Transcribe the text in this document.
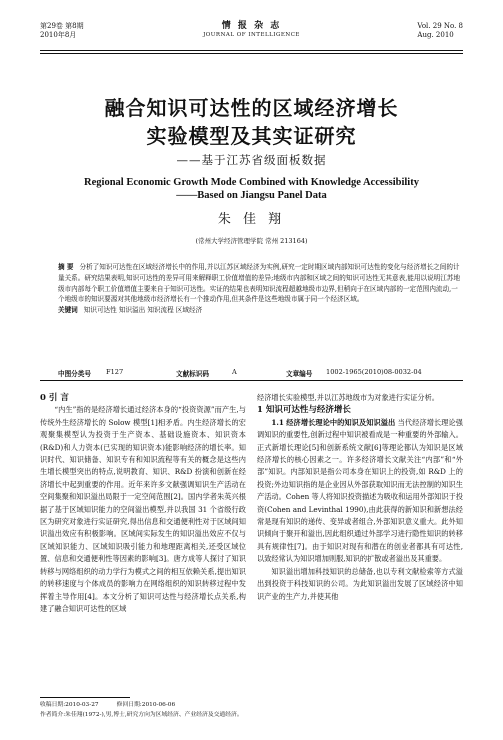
第29卷 第8期
2010年8月
情 报 杂 志
JOURNAL OF INTELLIGENCE
Vol. 29 No. 8
Aug. 2010
融合知识可达性的区域经济增长
实验模型及其实证研究
——基于江苏省级面板数据
Regional Economic Growth Mode Combined with Knowledge Accessibility
——Based on Jiangsu Panel Data
朱 佳 翔
(常州大学经济管理学院 常州 213164)
摘 要 分析了知识可达性在区域经济增长中的作用,并以江苏区域经济为实例,研究一定时期区域内部知识可达性的变化与经济增长之间的计量关系。研究结果表明,知识可达性的差异可用来解释职工价值增值的差异;地级市内部和区域之间的知识可达性无其意表,能用以说明江苏地级市内部每个职工价值增值主要来自于知识可达性。实证的结果也表明知识流程超越地级市边界,但稍向于在区域内部的一定范围内流动,一个地级市的知识要源对其他地级市经济增长有一个推动作用,但其条件是这些地级市属于同一个经济区域。
关键词 知识可达性 知识溢出 知识流程 区域经济
中图分类号 F127	文献标识码	A	文章编号 1002-1965(2010)08-0032-04

0 引 言

“内生”指的是经济增长通过经济本身的“投资资源”而产生,与传统外生经济增长的 Solow 模型[1]相矛盾。内生经济增长的宏观聚集模型认为投资于生产资本、基础设施资本、知识资本(R&D)和人力资本(已实现的知识资本)能影响经济的增长率。知识时代、知识储备、知识专有和知识流程等有关的概念是这些内生增长模型突出的特点,说明教育、知识、R&D 扮演和创新在经济增长中起到重要的作用。近年来许多文献强调知识生产活动在空间集聚和知识溢出局限于一定空间范围[2]。国内学者朱英兴根据了基于区域知识能力的空间溢出模型,并以我国 31 个省级行政区为研究对象进行实证研究,得出信息和交通便利性对于区域间知识溢出效应有积极影响。区域间实际发生的知识溢出效应不仅与区域知识能力、区域知识吸引能力和地理距离相关,还受区域位置、信息和交通便利性等因素的影响[3]。唐方成等人探讨了知识转移与网络组织的动力学行为模式之间的相互依赖关系,提出知识的转移速度与个体成员的影响力在网络组织的知识转移过程中发挥着主导作用[4]。本文分析了知识可达性与经济增长点关系,构建了融合知识可达性的区域

经济增长实验模型,并以江苏地级市为对象进行实证分析。

1 知识可达性与经济增长

1.1 经济增长理论中的知识及知识溢出 当代经济增长理论强调知识的重要性,创新过程中知识被看成是一种重要的外部输入。正式新增长理论[5]和创新系统文献[6]等理论都认为知识是区域经济增长的核心因素之一。许多经济增长文献关注“内部”和“外部”知识。内部知识是指公司本身在知识上的投资,如 R&D 上的投资;外边知识指的是企业因从外部获取知识而无法控制的知识生产活动。Cohen 等人将知识投资描述为吸收和运用外部知识于投资(Cohen and Levinthal 1990),由此获得的新知识和新想法经常是现有知识的递传、变异或者组合,外部知识意义重大。此外知识倾向于聚开和溢出,因此组织通过外部学习进行隐性知识的转移具有规律性[7]。由于知识对现有和潜在的创业者都具有可达性,以致经常认为知识增加则服,知识的扩散或者溢出及其重要。

知识溢出增加科技知识的总储备,也以专利文献检索等方式溢出到投资于科技知识的公司。为此知识溢出发展了区域经济中知识产业的生产力,并使其他

收稿日期:2010-03-27	修回日期:2010-06-06
作者简介:朱佳翔(1972-),男,博士,研究方向为区域经济、产业经济及交通经济。
